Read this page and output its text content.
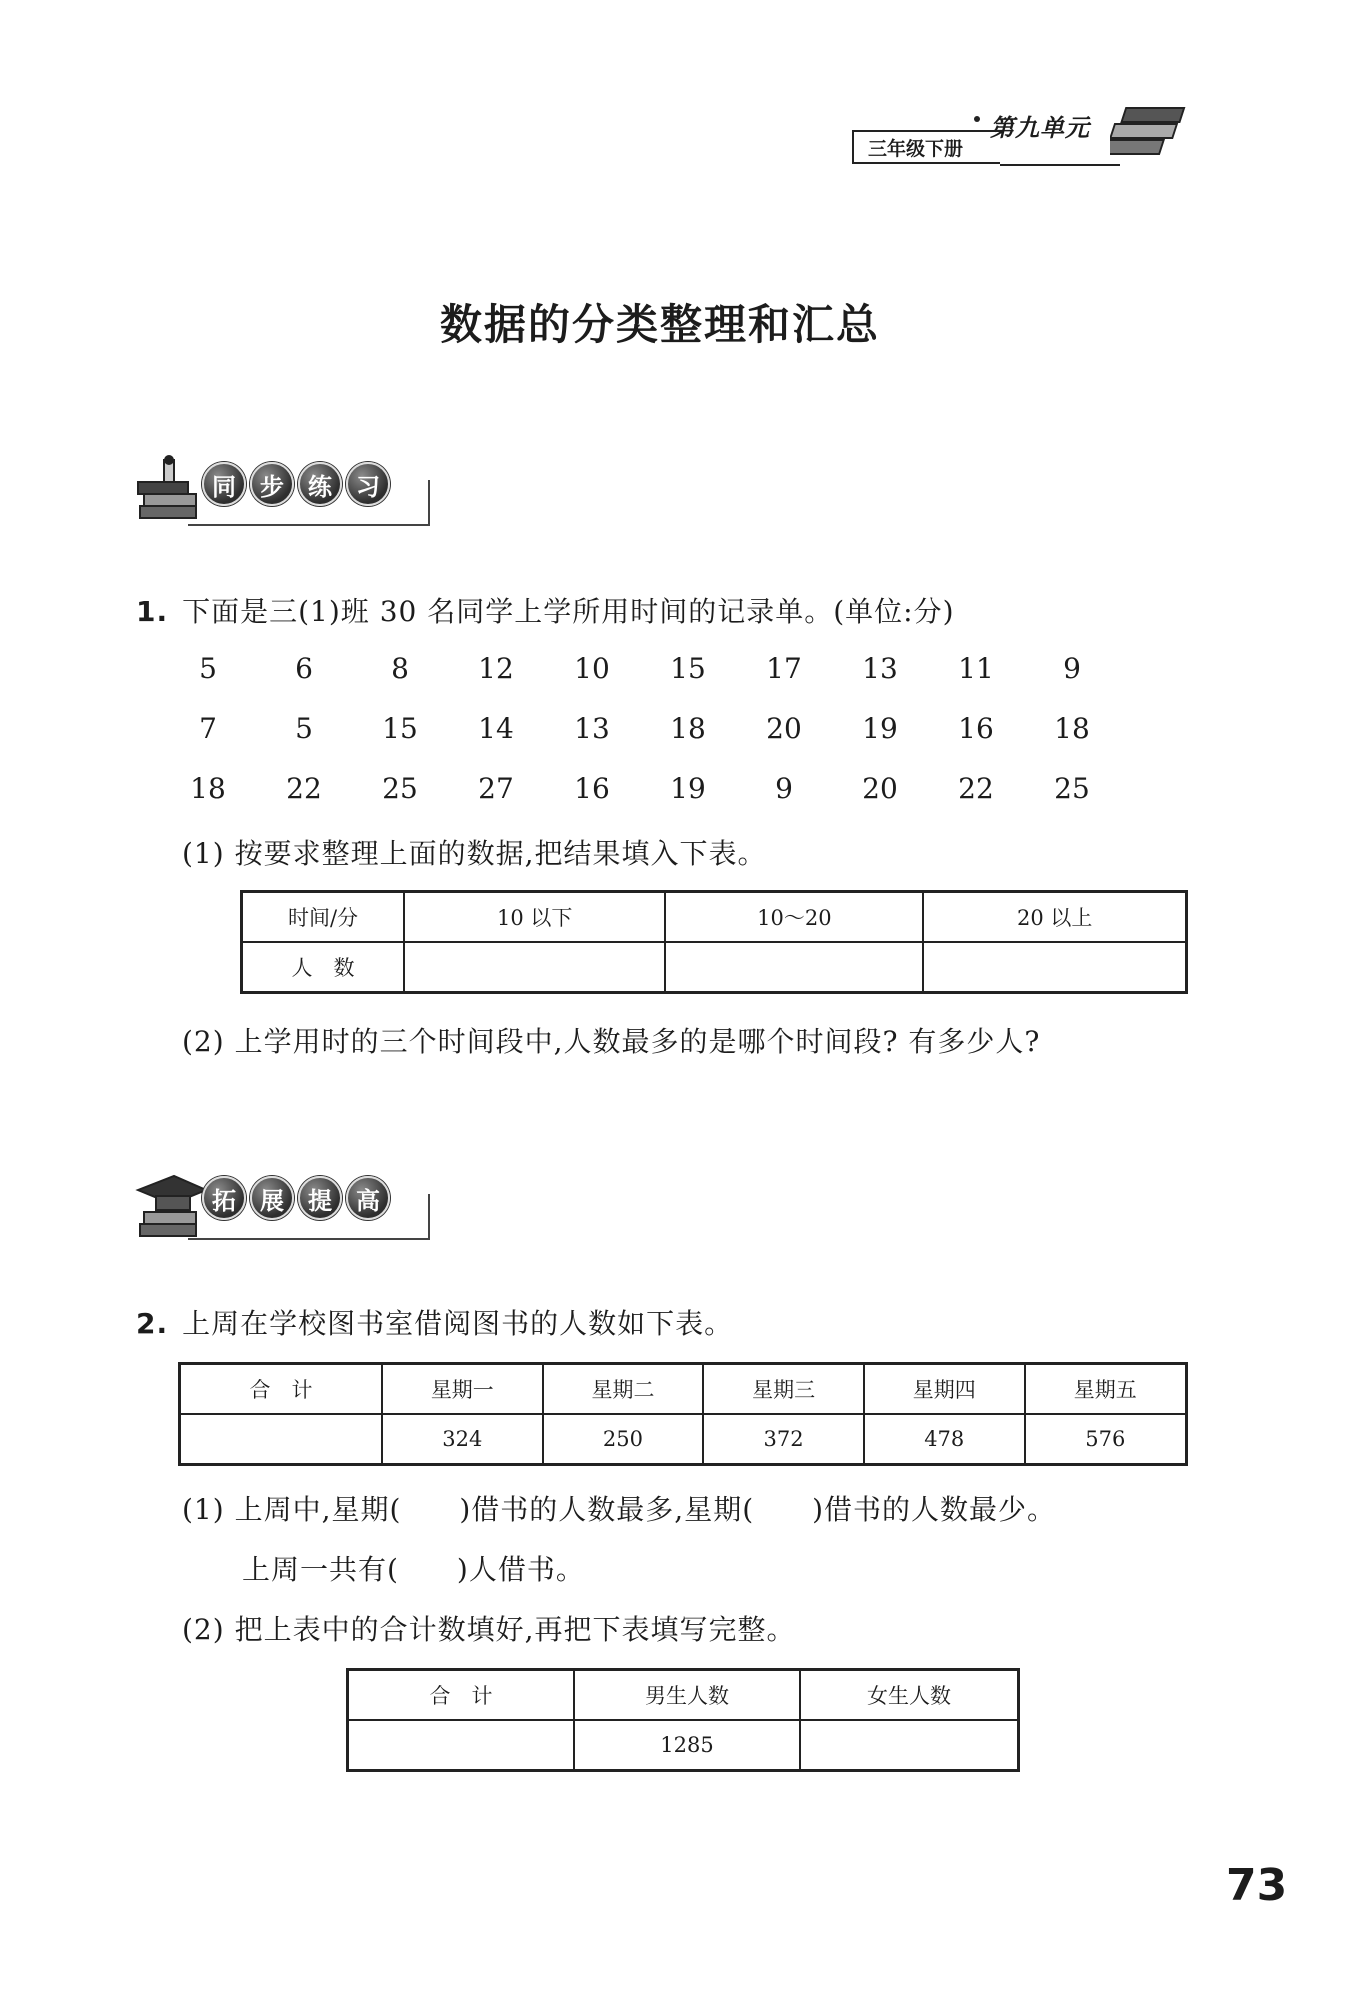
第九单元
三年级下册
数据的分类整理和汇总
同	步	练	习
1. 下面是三(1)班 30 名同学上学所用时间的记录单。(单位:分)
5	6	8	12	10	15	17	13	11	9
7	5	15	14	13	18	20	19	16	18
18	22	25	27	16	19	9	20	22	25
(1) 按要求整理上面的数据,把结果填入下表。
时间/分	10 以下	10～20	20 以上
人　数			
(2) 上学用时的三个时间段中,人数最多的是哪个时间段? 有多少人?
拓	展	提	高
2. 上周在学校图书室借阅图书的人数如下表。
合　计	星期一	星期二	星期三	星期四	星期五
	324	250	372	478	576
(1) 上周中,星期(　　)借书的人数最多,星期(　　)借书的人数最少。
上周一共有(　　)人借书。
(2) 把上表中的合计数填好,再把下表填写完整。
合　计	男生人数	女生人数
	1285	
73
